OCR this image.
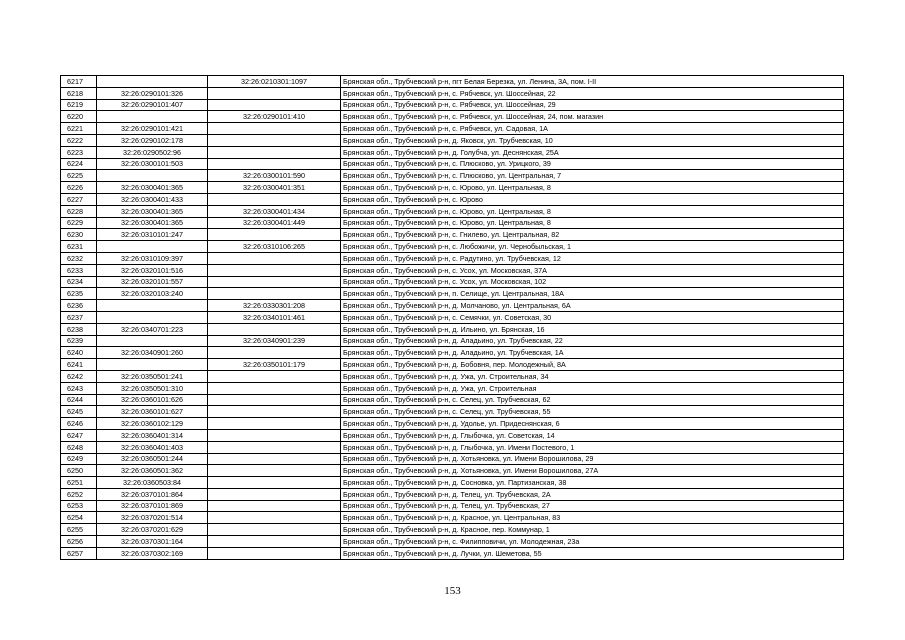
6217		32:26:0210301:1097	Брянская обл., Трубчевский р-н, пгт Белая Березка, ул. Ленина, 3А, пом. I-II
6218	32:26:0290101:326		Брянская обл., Трубчевский р-н, с. Рябчевск, ул. Шоссейная, 22
6219	32:26:0290101:407		Брянская обл., Трубчевский р-н, с. Рябчевск, ул. Шоссейная, 29
6220		32:26:0290101:410	Брянская обл., Трубчевский р-н, с. Рябчевск, ул. Шоссейная, 24, пом. магазин
6221	32:26:0290101:421		Брянская обл., Трубчевский р-н, с. Рябчевск, ул. Садовая, 1А
6222	32:26:0290102:178		Брянская обл., Трубчевский р-н, д. Яковск, ул. Трубчевская, 10
6223	32:26:0290502:96		Брянская обл., Трубчевский р-н, д. Голубча, ул. Деснянская, 25А
6224	32:26:0300101:503		Брянская обл., Трубчевский р-н, с. Плюсково, ул. Урицкого, 39
6225		32:26:0300101:590	Брянская обл., Трубчевский р-н, с. Плюсково, ул. Центральная, 7
6226	32:26:0300401:365	32:26:0300401:351	Брянская обл., Трубчевский р-н, с. Юрово, ул. Центральная, 8
6227	32:26:0300401:433		Брянская обл., Трубчевский р-н, с. Юрово
6228	32:26:0300401:365	32:26:0300401:434	Брянская обл., Трубчевский р-н, с. Юрово, ул. Центральная, 8
6229	32:26:0300401:365	32:26:0300401:449	Брянская обл., Трубчевский р-н, с. Юрово, ул. Центральная, 8
6230	32:26:0310101:247		Брянская обл., Трубчевский р-н, с. Гнилево, ул. Центральная, 82
6231		32:26:0310106:265	Брянская обл., Трубчевский р-н, с. Любожичи, ул. Чернобыльская, 1
6232	32:26:0310109:397		Брянская обл., Трубчевский р-н, с. Радутино, ул. Трубчевская, 12
6233	32:26:0320101:516		Брянская обл., Трубчевский р-н, с. Усох, ул. Московская, 37А
6234	32:26:0320101:557		Брянская обл., Трубчевский р-н, с. Усох, ул. Московская, 102
6235	32:26:0320103:240		Брянская обл., Трубчевский р-н, п. Селище, ул. Центральная, 18А
6236		32:26:0330301:208	Брянская обл., Трубчевский р-н, д. Молчаново, ул. Центральная, 6А
6237		32:26:0340101:461	Брянская обл., Трубчевский р-н, с. Семячки, ул. Советская, 30
6238	32:26:0340701:223		Брянская обл., Трубчевский р-н, д. Ильино, ул. Брянская, 16
6239		32:26:0340901:239	Брянская обл., Трубчевский р-н, д. Аладьино, ул. Трубчевская, 22
6240	32:26:0340901:260		Брянская обл., Трубчевский р-н, д. Аладьино, ул. Трубчевская, 1А
6241		32:26:0350101:179	Брянская обл., Трубчевский р-н, д. Бобовня, пер. Молодежный, 8А
6242	32:26:0350501:241		Брянская обл., Трубчевский р-н, д. Ужа, ул. Строительная, 34
6243	32:26:0350501:310		Брянская обл., Трубчевский р-н, д. Ужа, ул. Строительная
6244	32:26:0360101:626		Брянская обл., Трубчевский р-н, с. Селец, ул. Трубчевская, 62
6245	32:26:0360101:627		Брянская обл., Трубчевский р-н, с. Селец, ул. Трубчевская, 55
6246	32:26:0360102:129		Брянская обл., Трубчевский р-н, д. Удолье, ул. Придеснянская, 6
6247	32:26:0360401:314		Брянская обл., Трубчевский р-н, д. Глыбочка, ул. Советская, 14
6248	32:26:0360401:403		Брянская обл., Трубчевский р-н, д. Глыбочка, ул. Имени Постевого, 1
6249	32:26:0360501:244		Брянская обл., Трубчевский р-н, д. Хотьяновка, ул. Имени Ворошилова, 29
6250	32:26:0360501:362		Брянская обл., Трубчевский р-н, д. Хотьяновка, ул. Имени Ворошилова, 27А
6251	32:26:0360503:84		Брянская обл., Трубчевский р-н, д. Сосновка, ул. Партизанская, 38
6252	32:26:0370101:864		Брянская обл., Трубчевский р-н, д. Телец, ул. Трубчевская, 2А
6253	32:26:0370101:869		Брянская обл., Трубчевский р-н, д. Телец, ул. Трубчевская, 27
6254	32:26:0370201:514		Брянская обл., Трубчевский р-н, д. Красное, ул. Центральная, 83
6255	32:26:0370201:629		Брянская обл., Трубчевский р-н, д. Красное, пер. Коммунар, 1
6256	32:26:0370301:164		Брянская обл., Трубчевский р-н, с. Филипповичи, ул. Молодежная, 23а
6257	32:26:0370302:169		Брянская обл., Трубчевский р-н, д. Лучки, ул. Шеметова, 55
153
